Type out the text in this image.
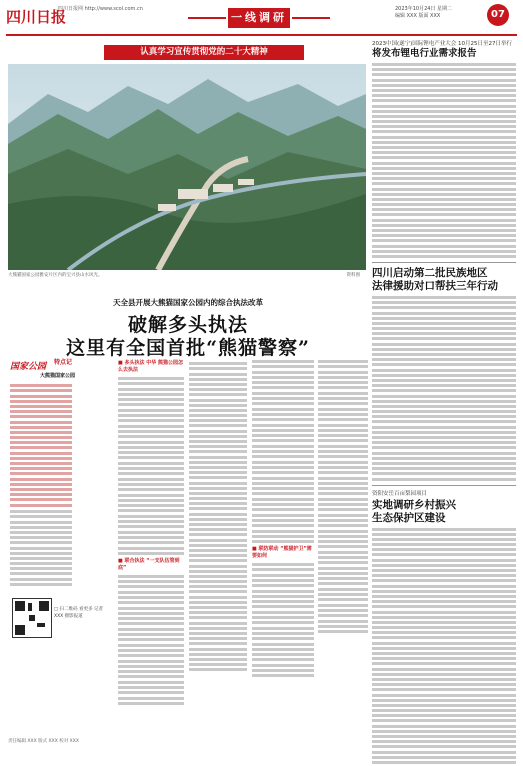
四川日报
四川日报网 http://www.scol.com.cn
一线调研
2023年10月24日 星期二
编辑 XXX 版面 XXX	07
认真学习宣传贯彻党的二十大精神
大熊猫国家公园雅安片区内的宝兴县山水风光。	资料图
2023中国(遂宁)国际锂电产业大会 10月25日至27日举行
将发布锂电行业需求报告
四川启动第二批民族地区
法律援助对口帮扶三年行动
资阳安岳百亩梨园项目
实地调研乡村振兴
生态保护区建设
天全县开展大熊猫国家公园内的综合执法改革
破解多头执法
这里有全国首批“熊猫警察”
国家公园 特点记
大熊猫国家公园
□ 扫二维码 看更多 记者 XXX 摄影报道
■ 多头执法 中华 熊猫公园怎么去执法
■ 联合执法 “一支队伍管到底”
■ 联防联动 “熊猫护卫”需要如何
责任编辑 XXX 版式 XXX 校对 XXX
